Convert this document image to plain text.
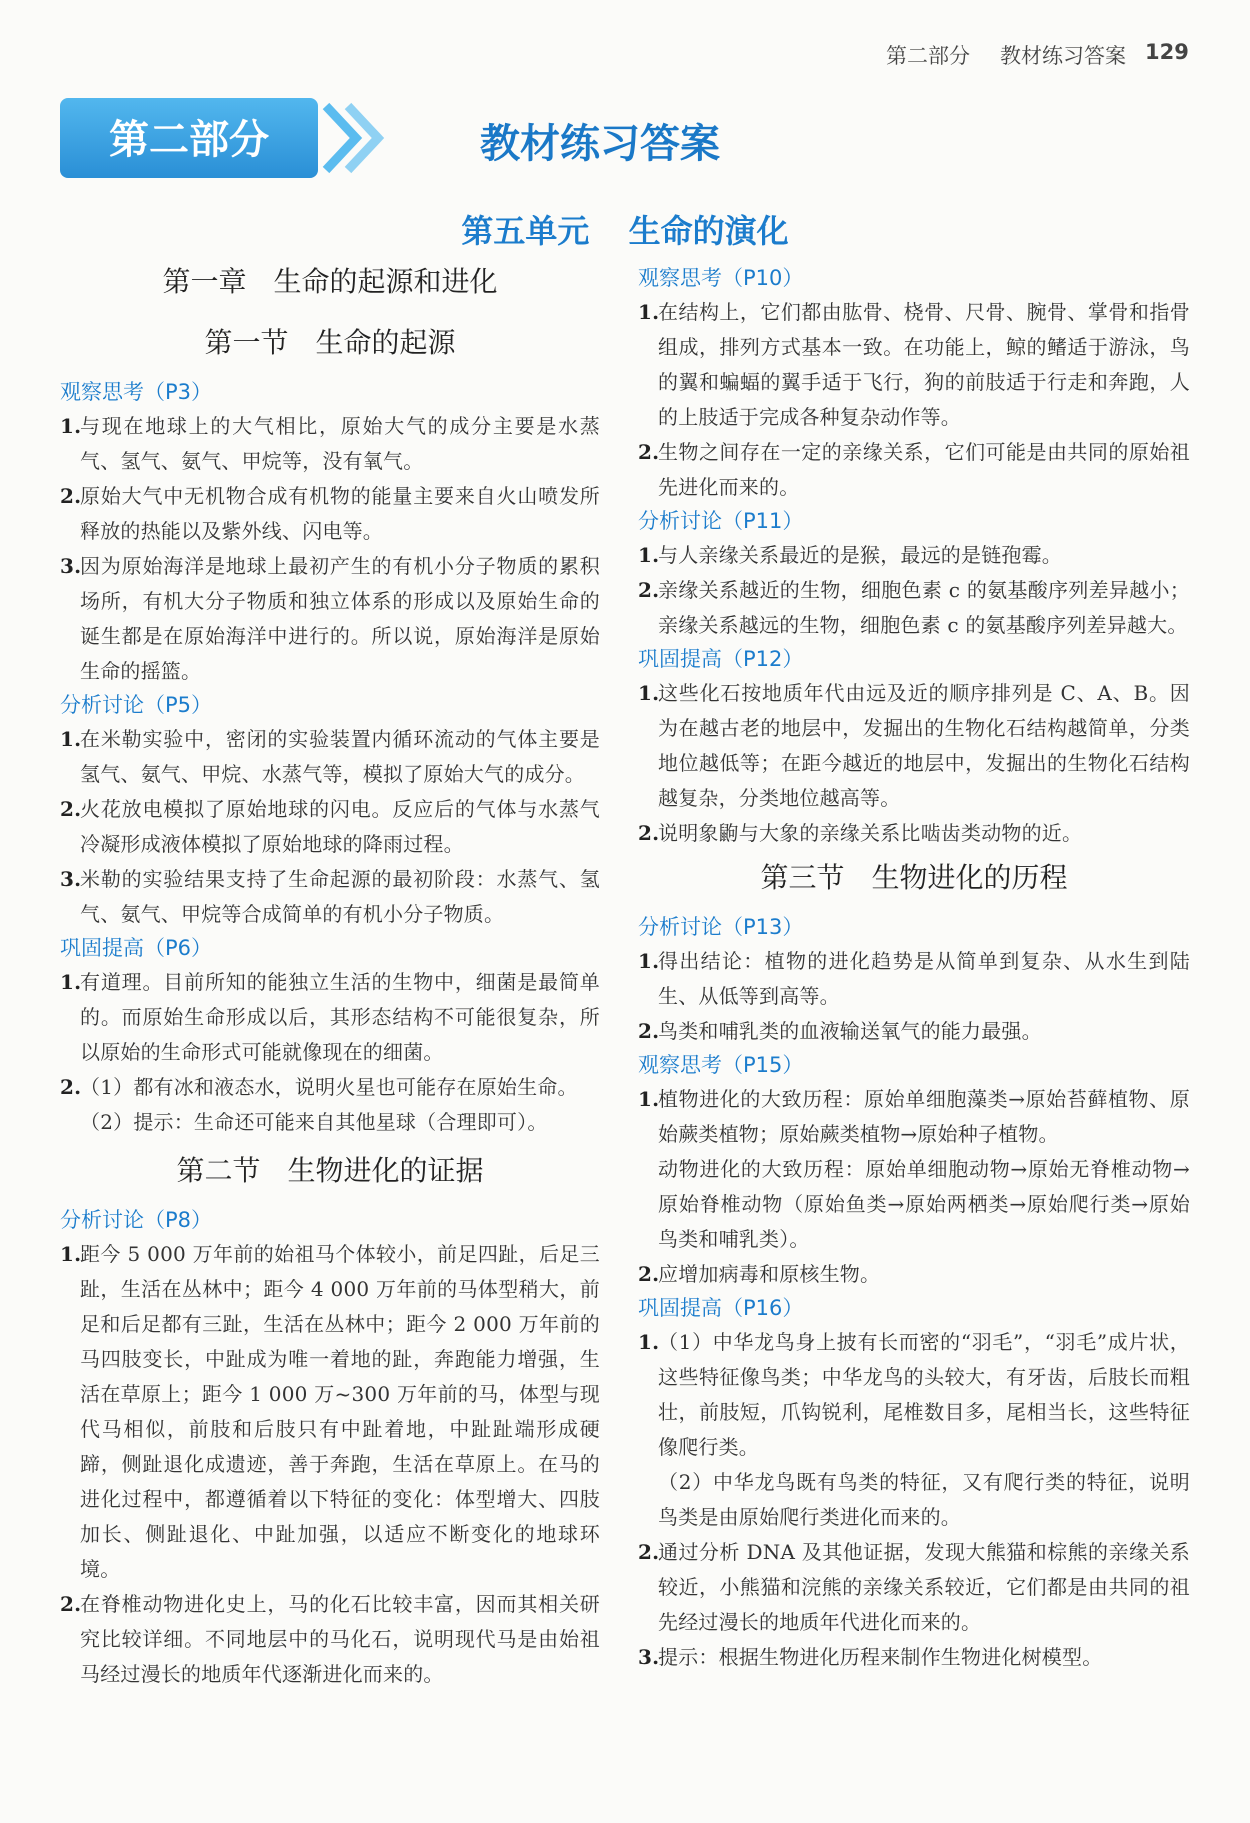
第二部分 教材练习答案 129
第二部分	教材练习答案
第五单元 生命的演化
第一章 生命的起源和进化
第一节 生命的起源
观察思考（P3）
1.
与现在地球上的大气相比，原始大气的成分主要是水蒸气、氢气、氨气、甲烷等，没有氧气。
2.
原始大气中无机物合成有机物的能量主要来自火山喷发所释放的热能以及紫外线、闪电等。
3.
因为原始海洋是地球上最初产生的有机小分子物质的累积场所，有机大分子物质和独立体系的形成以及原始生命的诞生都是在原始海洋中进行的。所以说，原始海洋是原始生命的摇篮。
分析讨论（P5）
1.
在米勒实验中，密闭的实验装置内循环流动的气体主要是氢气、氨气、甲烷、水蒸气等，模拟了原始大气的成分。
2.
火花放电模拟了原始地球的闪电。反应后的气体与水蒸气冷凝形成液体模拟了原始地球的降雨过程。
3.
米勒的实验结果支持了生命起源的最初阶段：水蒸气、氢气、氨气、甲烷等合成简单的有机小分子物质。
巩固提高（P6）
1.
有道理。目前所知的能独立生活的生物中，细菌是最简单的。而原始生命形成以后，其形态结构不可能很复杂，所以原始的生命形式可能就像现在的细菌。
2.
（1）都有冰和液态水，说明火星也可能存在原始生命。
（2）提示：生命还可能来自其他星球（合理即可）。
第二节 生物进化的证据
分析讨论（P8）
1.
距今 5 000 万年前的始祖马个体较小，前足四趾，后足三趾，生活在丛林中；距今 4 000 万年前的马体型稍大，前足和后足都有三趾，生活在丛林中；距今 2 000 万年前的马四肢变长，中趾成为唯一着地的趾，奔跑能力增强，生活在草原上；距今 1 000 万~300 万年前的马，体型与现代马相似，前肢和后肢只有中趾着地，中趾趾端形成硬蹄，侧趾退化成遗迹，善于奔跑，生活在草原上。在马的进化过程中，都遵循着以下特征的变化：体型增大、四肢加长、侧趾退化、中趾加强，以适应不断变化的地球环境。
2.
在脊椎动物进化史上，马的化石比较丰富，因而其相关研究比较详细。不同地层中的马化石，说明现代马是由始祖马经过漫长的地质年代逐渐进化而来的。
观察思考（P10）
1.
在结构上，它们都由肱骨、桡骨、尺骨、腕骨、掌骨和指骨组成，排列方式基本一致。在功能上，鲸的鳍适于游泳，鸟的翼和蝙蝠的翼手适于飞行，狗的前肢适于行走和奔跑，人的上肢适于完成各种复杂动作等。
2.
生物之间存在一定的亲缘关系，它们可能是由共同的原始祖先进化而来的。
分析讨论（P11）
1.
与人亲缘关系最近的是猴，最远的是链孢霉。
2.
亲缘关系越近的生物，细胞色素 c 的氨基酸序列差异越小；亲缘关系越远的生物，细胞色素 c 的氨基酸序列差异越大。
巩固提高（P12）
1.
这些化石按地质年代由远及近的顺序排列是 C、A、B。因为在越古老的地层中，发掘出的生物化石结构越简单，分类地位越低等；在距今越近的地层中，发掘出的生物化石结构越复杂，分类地位越高等。
2.
说明象鼩与大象的亲缘关系比啮齿类动物的近。
第三节 生物进化的历程
分析讨论（P13）
1.
得出结论：植物的进化趋势是从简单到复杂、从水生到陆生、从低等到高等。
2.
鸟类和哺乳类的血液输送氧气的能力最强。
观察思考（P15）
1.
植物进化的大致历程：原始单细胞藻类→原始苔藓植物、原始蕨类植物；原始蕨类植物→原始种子植物。
动物进化的大致历程：原始单细胞动物→原始无脊椎动物→原始脊椎动物（原始鱼类→原始两栖类→原始爬行类→原始鸟类和哺乳类）。
2.
应增加病毒和原核生物。
巩固提高（P16）
1.
（1）中华龙鸟身上披有长而密的“羽毛”，“羽毛”成片状，这些特征像鸟类；中华龙鸟的头较大，有牙齿，后肢长而粗壮，前肢短，爪钩锐利，尾椎数目多，尾相当长，这些特征像爬行类。
（2）中华龙鸟既有鸟类的特征，又有爬行类的特征，说明鸟类是由原始爬行类进化而来的。
2.
通过分析 DNA 及其他证据，发现大熊猫和棕熊的亲缘关系较近，小熊猫和浣熊的亲缘关系较近，它们都是由共同的祖先经过漫长的地质年代进化而来的。
3.
提示：根据生物进化历程来制作生物进化树模型。
